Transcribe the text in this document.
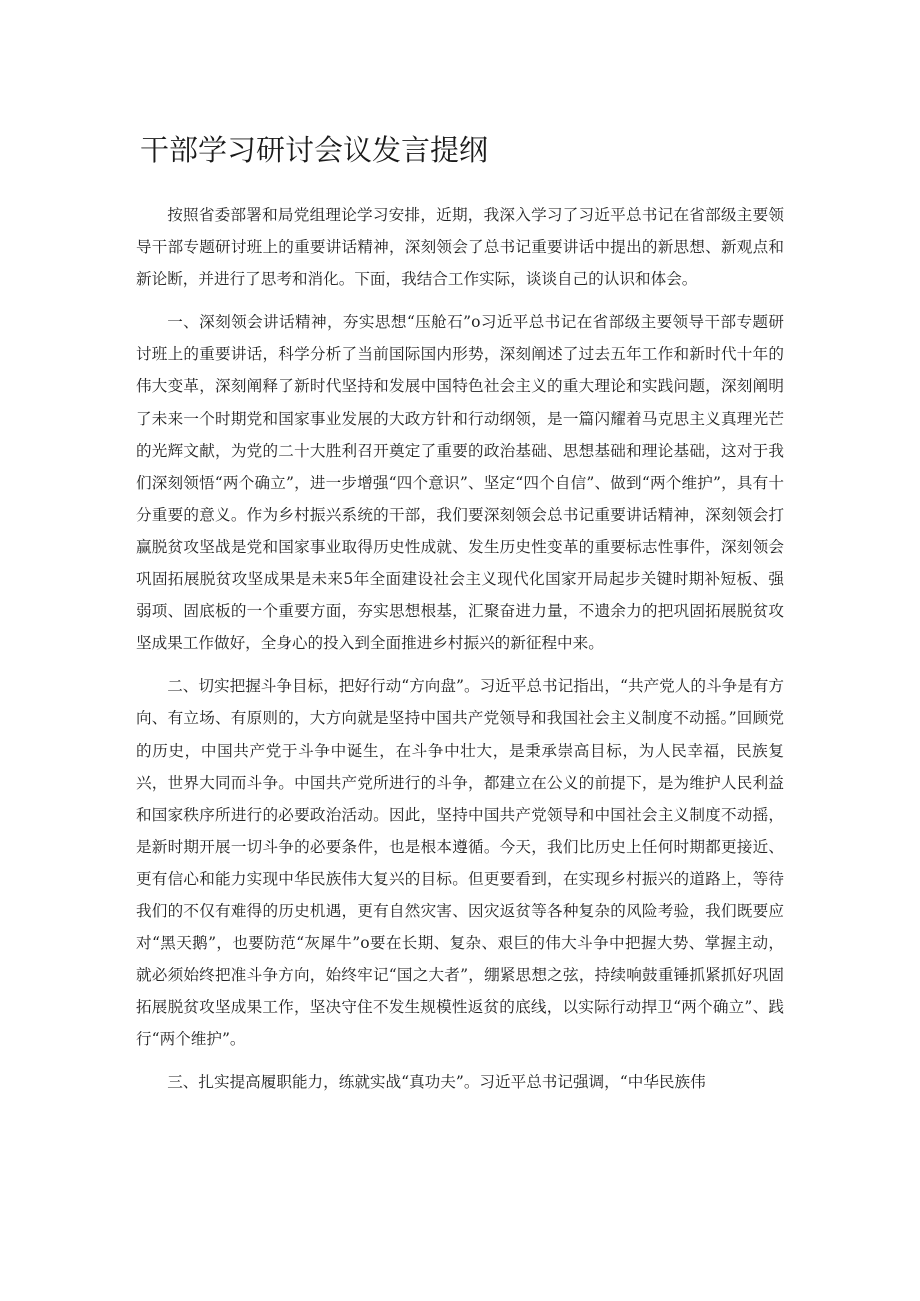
干部学习研讨会议发言提纲

按照省委部署和局党组理论学习安排，近期，我深入学习了习近平总书记在省部级主要领导干部专题研讨班上的重要讲话精神，深刻领会了总书记重要讲话中提出的新思想、新观点和新论断，并进行了思考和消化。下面，我结合工作实际，谈谈自己的认识和体会。

一、深刻领会讲话精神，夯实思想“压舱石”o习近平总书记在省部级主要领导干部专题研讨班上的重要讲话，科学分析了当前国际国内形势，深刻阐述了过去五年工作和新时代十年的伟大变革，深刻阐释了新时代坚持和发展中国特色社会主义的重大理论和实践问题，深刻阐明了未来一个时期党和国家事业发展的大政方针和行动纲领，是一篇闪耀着马克思主义真理光芒的光辉文献，为党的二十大胜利召开奠定了重要的政治基础、思想基础和理论基础，这对于我们深刻领悟“两个确立”，进一步增强“四个意识”、坚定“四个自信”、做到“两个维护”，具有十分重要的意义。作为乡村振兴系统的干部，我们要深刻领会总书记重要讲话精神，深刻领会打赢脱贫攻坚战是党和国家事业取得历史性成就、发生历史性变革的重要标志性事件，深刻领会巩固拓展脱贫攻坚成果是未来5年全面建设社会主义现代化国家开局起步关键时期补短板、强弱项、固底板的一个重要方面，夯实思想根基，汇聚奋进力量，不遗余力的把巩固拓展脱贫攻坚成果工作做好，全身心的投入到全面推进乡村振兴的新征程中来。

二、切实把握斗争目标，把好行动“方向盘”。习近平总书记指出，“共产党人的斗争是有方向、有立场、有原则的，大方向就是坚持中国共产党领导和我国社会主义制度不动摇。”回顾党的历史，中国共产党于斗争中诞生，在斗争中壮大，是秉承崇高目标，为人民幸福，民族复兴，世界大同而斗争。中国共产党所进行的斗争，都建立在公义的前提下，是为维护人民利益和国家秩序所进行的必要政治活动。因此，坚持中国共产党领导和中国社会主义制度不动摇，是新时期开展一切斗争的必要条件，也是根本遵循。今天，我们比历史上任何时期都更接近、更有信心和能力实现中华民族伟大复兴的目标。但更要看到，在实现乡村振兴的道路上，等待我们的不仅有难得的历史机遇，更有自然灾害、因灾返贫等各种复杂的风险考验，我们既要应对“黑天鹅”，也要防范“灰犀牛”o要在长期、复杂、艰巨的伟大斗争中把握大势、掌握主动，就必须始终把准斗争方向，始终牢记“国之大者”，绷紧思想之弦，持续响鼓重锤抓紧抓好巩固拓展脱贫攻坚成果工作，坚决守住不发生规模性返贫的底线，以实际行动捍卫“两个确立”、践行“两个维护”。

三、扎实提高履职能力，练就实战“真功夫”。习近平总书记强调，“中华民族伟
